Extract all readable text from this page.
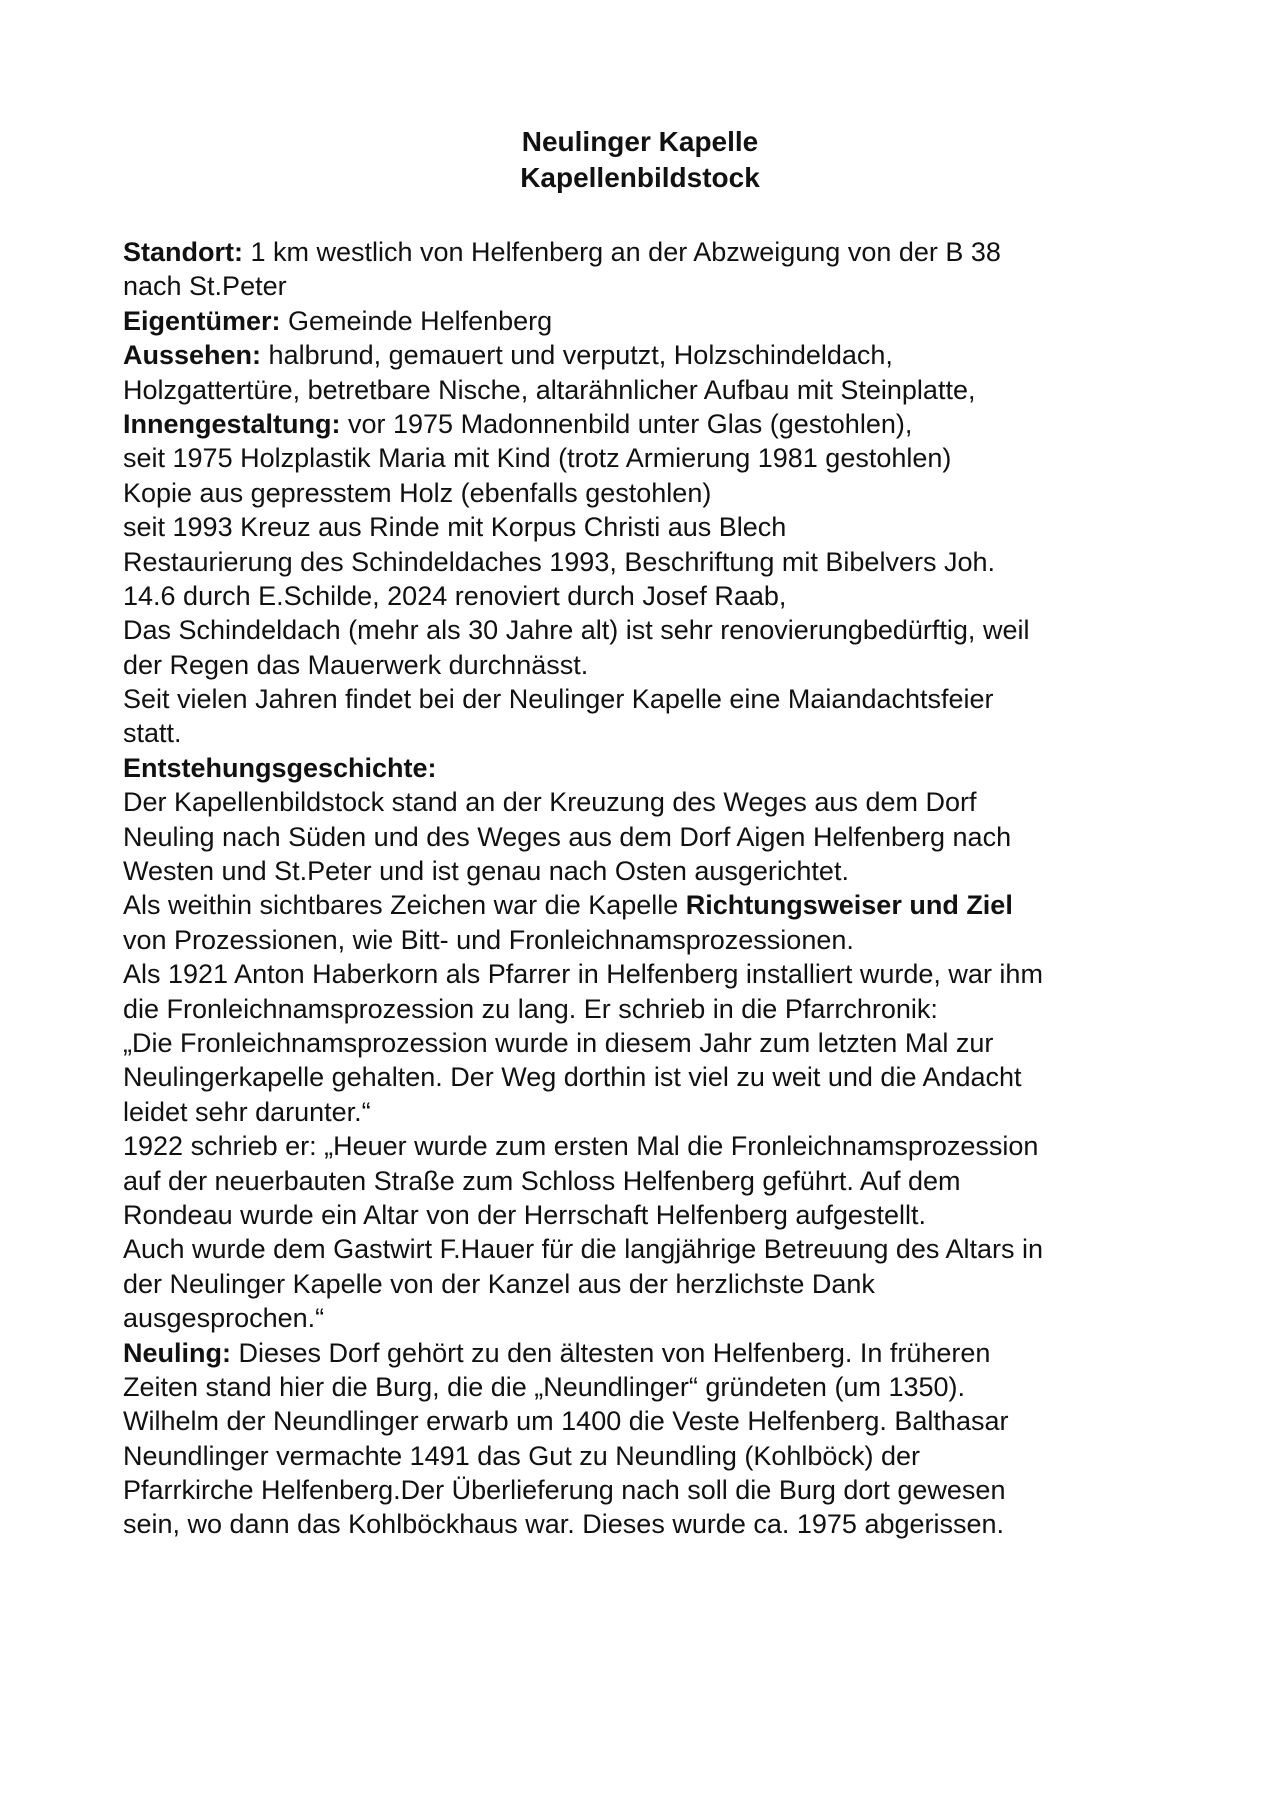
Neulinger Kapelle
Kapellenbildstock
Standort: 1 km westlich von Helfenberg an der Abzweigung von der B 38
nach St.Peter
Eigentümer: Gemeinde Helfenberg
Aussehen: halbrund, gemauert und verputzt, Holzschindeldach,
Holzgattertüre, betretbare Nische, altarähnlicher Aufbau mit Steinplatte,
Innengestaltung: vor 1975 Madonnenbild unter Glas (gestohlen),
seit 1975 Holzplastik Maria mit Kind (trotz Armierung 1981 gestohlen)
Kopie aus gepresstem Holz (ebenfalls gestohlen)
seit 1993 Kreuz aus Rinde mit Korpus Christi aus Blech
Restaurierung des Schindeldaches 1993, Beschriftung mit Bibelvers Joh.
14.6 durch E.Schilde, 2024 renoviert durch Josef Raab,
Das Schindeldach (mehr als 30 Jahre alt) ist sehr renovierungbedürftig, weil
der Regen das Mauerwerk durchnässt.
Seit vielen Jahren findet bei der Neulinger Kapelle eine Maiandachtsfeier
statt.
Entstehungsgeschichte:
Der Kapellenbildstock stand an der Kreuzung des Weges aus dem Dorf
Neuling nach Süden und des Weges aus dem Dorf Aigen Helfenberg nach
Westen und St.Peter und ist genau nach Osten ausgerichtet.
Als weithin sichtbares Zeichen war die Kapelle Richtungsweiser und Ziel
von Prozessionen, wie Bitt- und Fronleichnamsprozessionen.
Als 1921 Anton Haberkorn als Pfarrer in Helfenberg installiert wurde, war ihm
die Fronleichnamsprozession zu lang. Er schrieb in die Pfarrchronik:
„Die Fronleichnamsprozession wurde in diesem Jahr zum letzten Mal zur
Neulingerkapelle gehalten. Der Weg dorthin ist viel zu weit und die Andacht
leidet sehr darunter.“
1922 schrieb er: „Heuer wurde zum ersten Mal die Fronleichnamsprozession
auf der neuerbauten Straße zum Schloss Helfenberg geführt. Auf dem
Rondeau wurde ein Altar von der Herrschaft Helfenberg aufgestellt.
Auch wurde dem Gastwirt F.Hauer für die langjährige Betreuung des Altars in
der Neulinger Kapelle von der Kanzel aus der herzlichste Dank
ausgesprochen.“
Neuling: Dieses Dorf gehört zu den ältesten von Helfenberg. In früheren
Zeiten stand hier die Burg, die die „Neundlinger“ gründeten (um 1350).
Wilhelm der Neundlinger erwarb um 1400 die Veste Helfenberg. Balthasar
Neundlinger vermachte 1491 das Gut zu Neundling (Kohlböck) der
Pfarrkirche Helfenberg.Der Überlieferung nach soll die Burg dort gewesen
sein, wo dann das Kohlböckhaus war. Dieses wurde ca. 1975 abgerissen.
